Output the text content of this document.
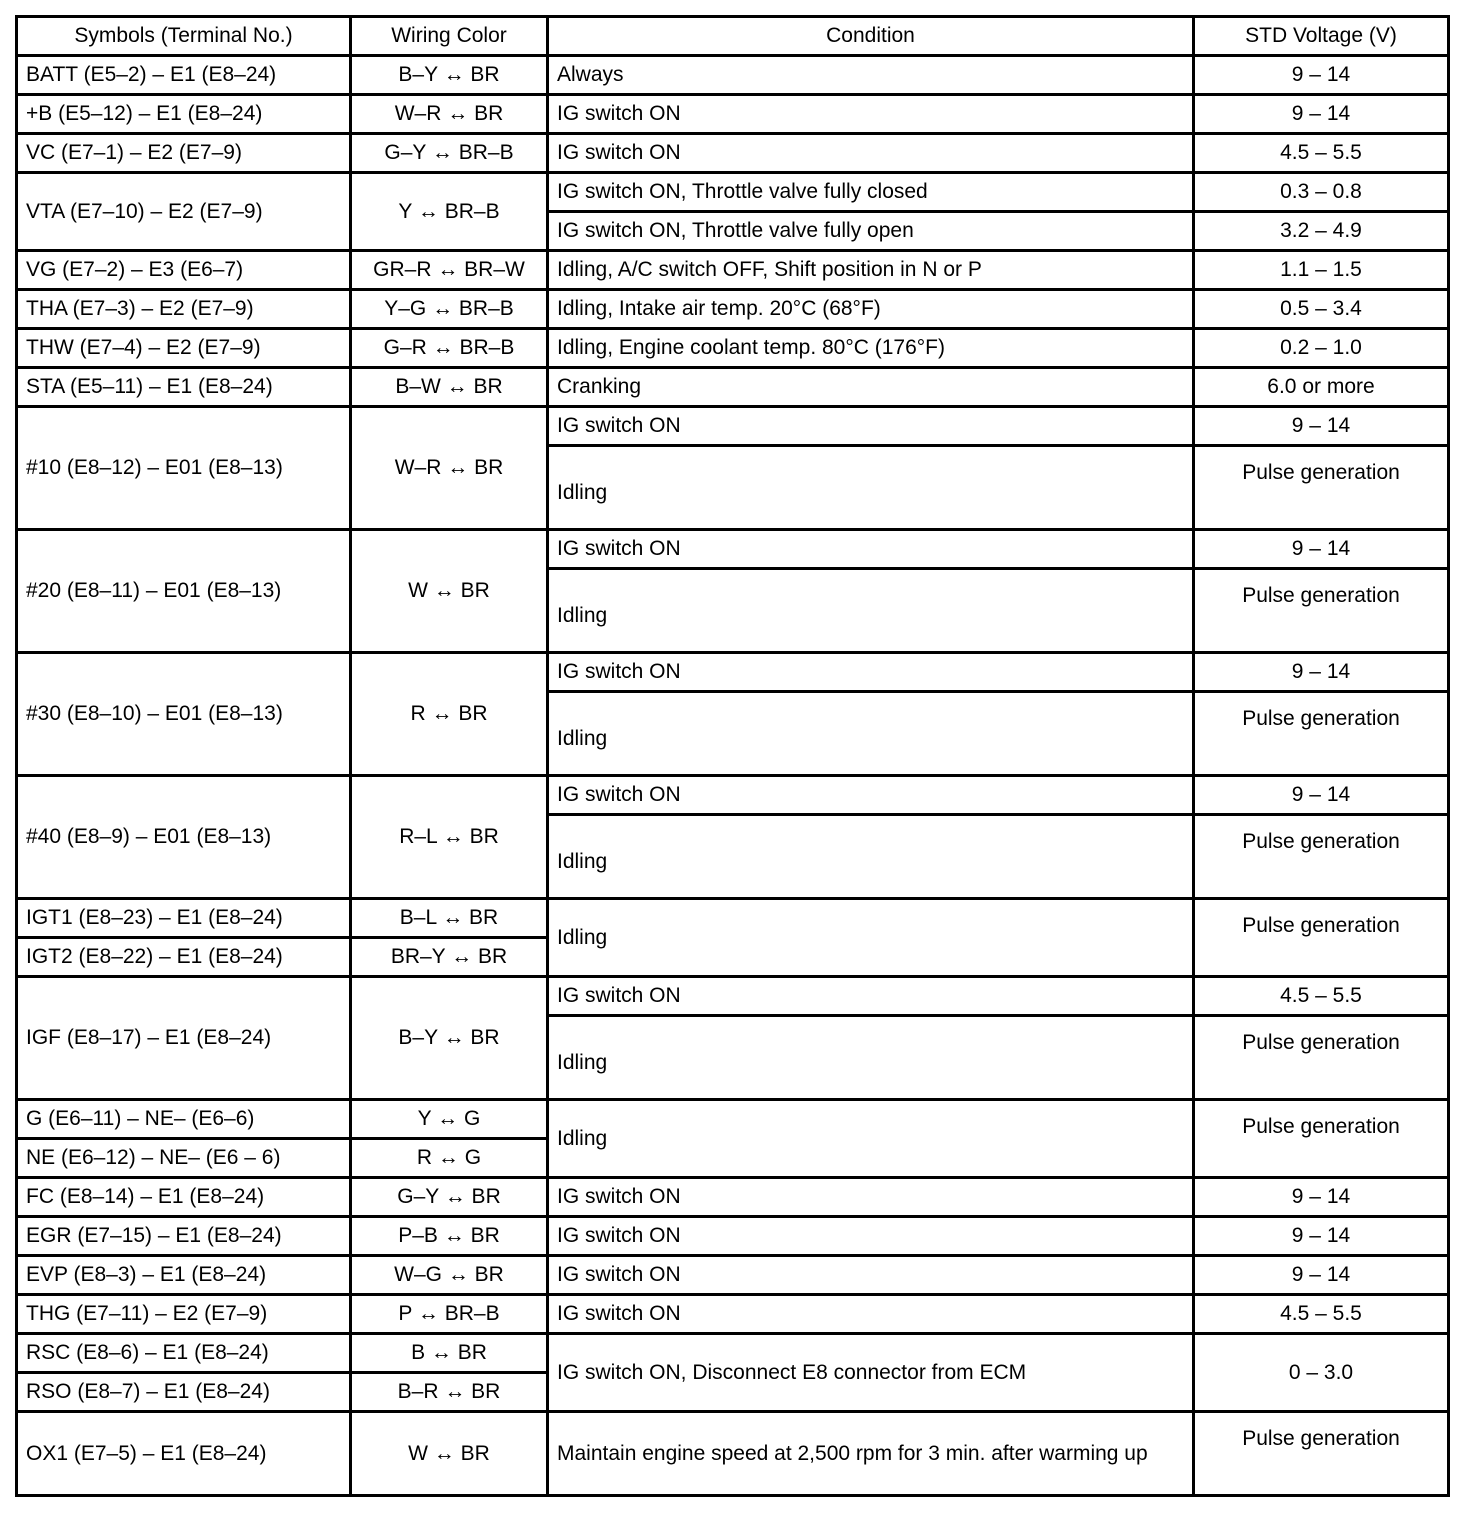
Symbols (Terminal No.)	Wiring Color	Condition	STD Voltage (V)
BATT (E5–2) – E1 (E8–24)	B–Y ↔ BR	Always	9 – 14
+B (E5–12) – E1 (E8–24)	W–R ↔ BR	IG switch ON	9 – 14
VC (E7–1) – E2 (E7–9)	G–Y ↔ BR–B	IG switch ON	4.5 – 5.5
VTA (E7–10) – E2 (E7–9)	Y ↔ BR–B	IG switch ON, Throttle valve fully closed	0.3 – 0.8
		IG switch ON, Throttle valve fully open	3.2 – 4.9
VG (E7–2) – E3 (E6–7)	GR–R ↔ BR–W	Idling, A/C switch OFF, Shift position in N or P	1.1 – 1.5
THA (E7–3) – E2 (E7–9)	Y–G ↔ BR–B	Idling, Intake air temp. 20°C (68°F)	0.5 – 3.4
THW (E7–4) – E2 (E7–9)	G–R ↔ BR–B	Idling, Engine coolant temp. 80°C (176°F)	0.2 – 1.0
STA (E5–11) – E1 (E8–24)	B–W ↔ BR	Cranking	6.0 or more
#10 (E8–12) – E01 (E8–13)	W–R ↔ BR	IG switch ON	9 – 14
		Idling	Pulse generation
#20 (E8–11) – E01 (E8–13)	W ↔ BR	IG switch ON	9 – 14
		Idling	Pulse generation
#30 (E8–10) – E01 (E8–13)	R ↔ BR	IG switch ON	9 – 14
		Idling	Pulse generation
#40 (E8–9) – E01 (E8–13)	R–L ↔ BR	IG switch ON	9 – 14
		Idling	Pulse generation
IGT1 (E8–23) – E1 (E8–24)	B–L ↔ BR	Idling	Pulse generation
IGT2 (E8–22) – E1 (E8–24)	BR–Y ↔ BR		
IGF (E8–17) – E1 (E8–24)	B–Y ↔ BR	IG switch ON	4.5 – 5.5
		Idling	Pulse generation
G (E6–11) – NE– (E6–6)	Y ↔ G	Idling	Pulse generation
NE (E6–12) – NE– (E6 – 6)	R ↔ G		
FC (E8–14) – E1 (E8–24)	G–Y ↔ BR	IG switch ON	9 – 14
EGR (E7–15) – E1 (E8–24)	P–B ↔ BR	IG switch ON	9 – 14
EVP (E8–3) – E1 (E8–24)	W–G ↔ BR	IG switch ON	9 – 14
THG (E7–11) – E2 (E7–9)	P ↔ BR–B	IG switch ON	4.5 – 5.5
RSC (E8–6) – E1 (E8–24)	B ↔ BR	IG switch ON, Disconnect E8 connector from ECM	0 – 3.0
RSO (E8–7) – E1 (E8–24)	B–R ↔ BR		
OX1 (E7–5) – E1 (E8–24)	W ↔ BR	Maintain engine speed at 2,500 rpm for 3 min. after warming up	Pulse generation
